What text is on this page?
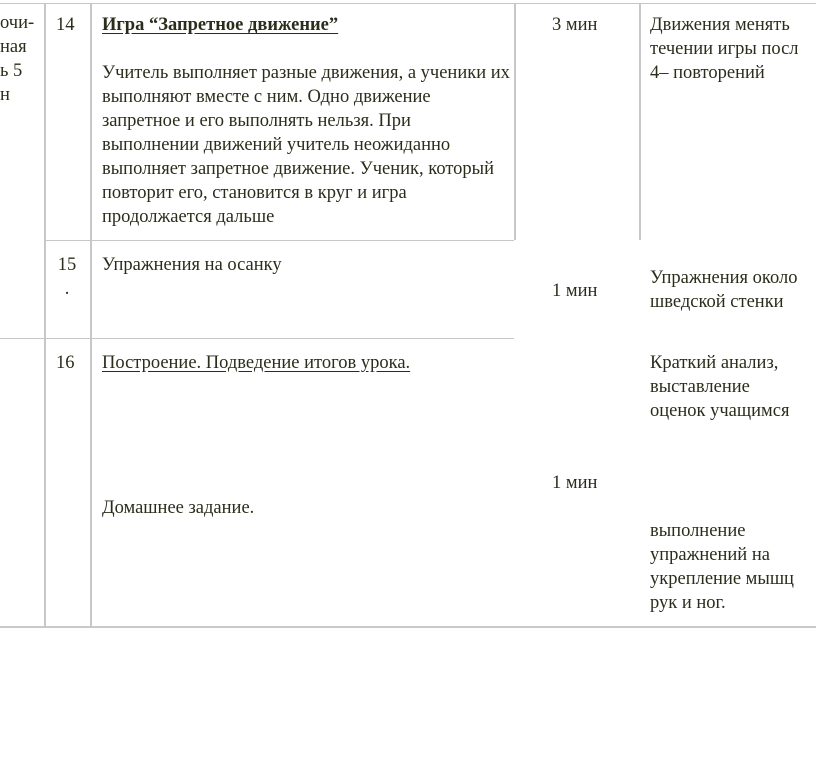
очи-
ная
ь 5
н
14 Игра “Запретное движение”
Учитель выполняет разные движения, а ученики их выполняют вместе с ним. Одно движение запретное и его выполнять нельзя. При выполнении движений учитель неожиданно выполняет запретное движение. Ученик, который повторит его, становится в круг и игра продолжается дальше
3 мин	Движения менять
течении игры посл
4– повторений
15
.
Упражнения на осанку
1 мин
Упражнения около
шведской стенки
16 Построение. Подведение итогов урока.
Домашнее задание.
1 мин
Краткий анализ,
выставление
оценок учащимся
выполнение
упражнений на
укрепление мышц
рук и ног.
